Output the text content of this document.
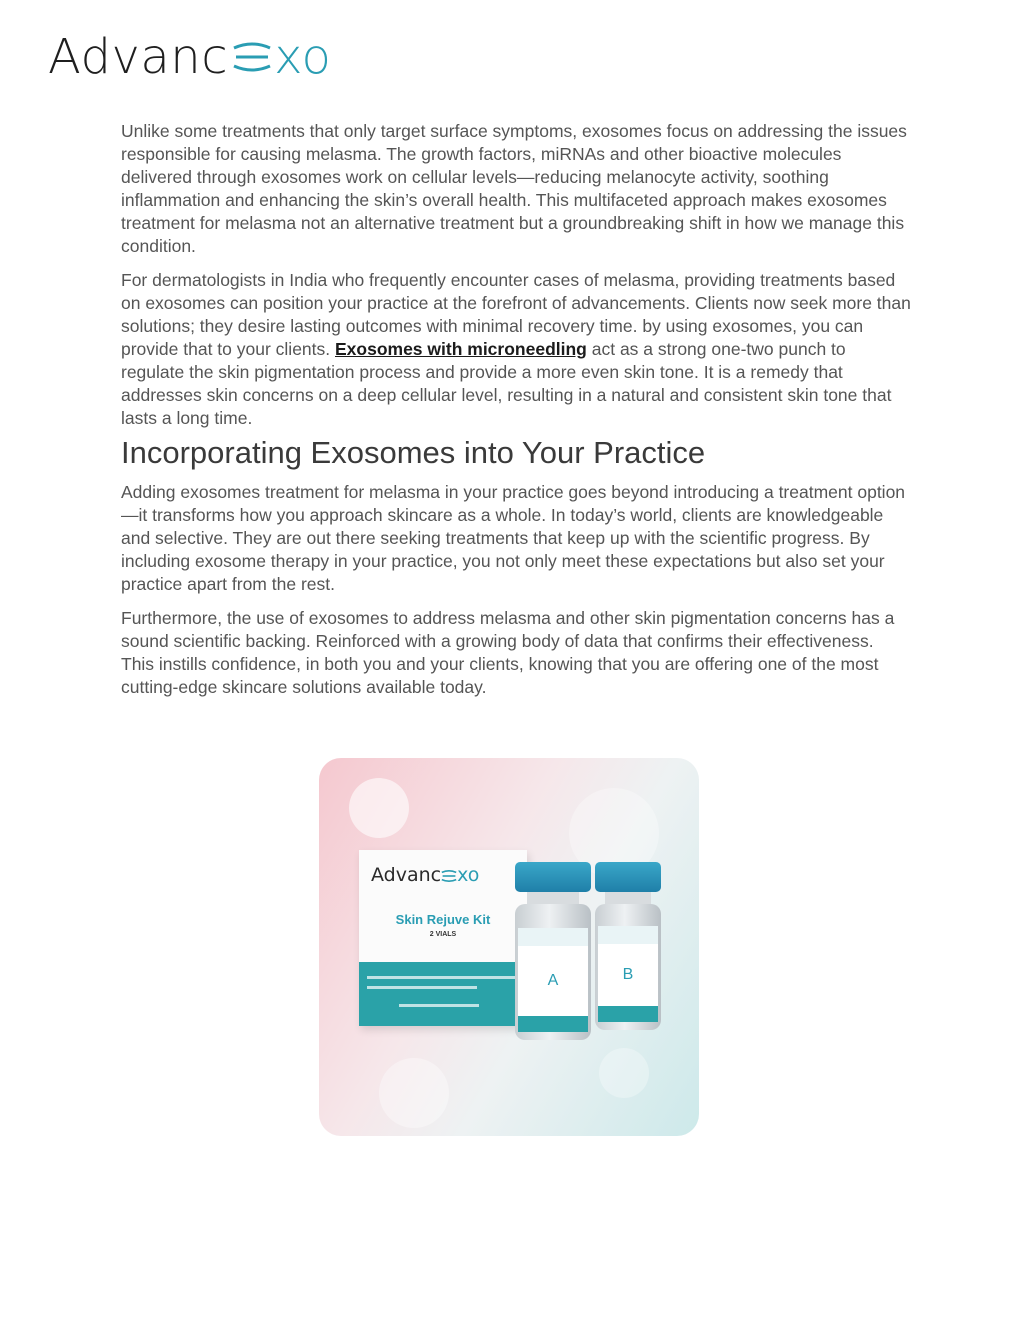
Advanc xo

Unlike some treatments that only target surface symptoms, exosomes focus on addressing the issues responsible for causing melasma. The growth factors, miRNAs and other bioactive molecules delivered through exosomes work on cellular levels—reducing melanocyte activity, soothing inflammation and enhancing the skin’s overall health. This multifaceted approach makes exosomes treatment for melasma not an alternative treatment but a groundbreaking shift in how we manage this condition.

For dermatologists in India who frequently encounter cases of melasma, providing treatments based on exosomes can position your practice at the forefront of advancements. Clients now seek more than solutions; they desire lasting outcomes with minimal recovery time. by using exosomes, you can provide that to your clients. Exosomes with microneedling act as a strong one-two punch to regulate the skin pigmentation process and provide a more even skin tone. It is a remedy that addresses skin concerns on a deep cellular level, resulting in a natural and consistent skin tone that lasts a long time.

Incorporating Exosomes into Your Practice

Adding exosomes treatment for melasma in your practice goes beyond introducing a treatment option—it transforms how you approach skincare as a whole. In today’s world, clients are knowledgeable and selective. They are out there seeking treatments that keep up with the scientific progress. By including exosome therapy in your practice, you not only meet these expectations but also set your practice apart from the rest.

Furthermore, the use of exosomes to address melasma and other skin pigmentation concerns has a sound scientific backing. Reinforced with a growing body of data that confirms their effectiveness. This instills confidence, in both you and your clients, knowing that you are offering one of the most cutting-edge skincare solutions available today.

Advanc xo
Skin Rejuve Kit
2 VIALS
A	B
